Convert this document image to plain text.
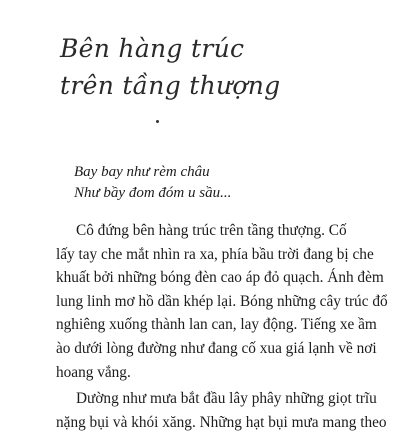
Bên hàng trúc
trên tầng thượng
Bay bay như rèm châu
Như bầy đom đóm u sầu...

Cô đứng bên hàng trúc trên tầng thượng. Cố
lấy tay che mắt nhìn ra xa, phía bầu trời đang bị che
khuất bởi những bóng đèn cao áp đỏ quạch. Ánh đèm
lung linh mơ hồ dần khép lại. Bóng những cây trúc đổ
nghiêng xuống thành lan can, lay động. Tiếng xe ầm
ào dưới lòng đường như đang cố xua giá lạnh về nơi
hoang vắng.

Dường như mưa bắt đầu lây phây những giọt trĩu
nặng bụi và khói xăng. Những hạt bụi mưa mang theo
